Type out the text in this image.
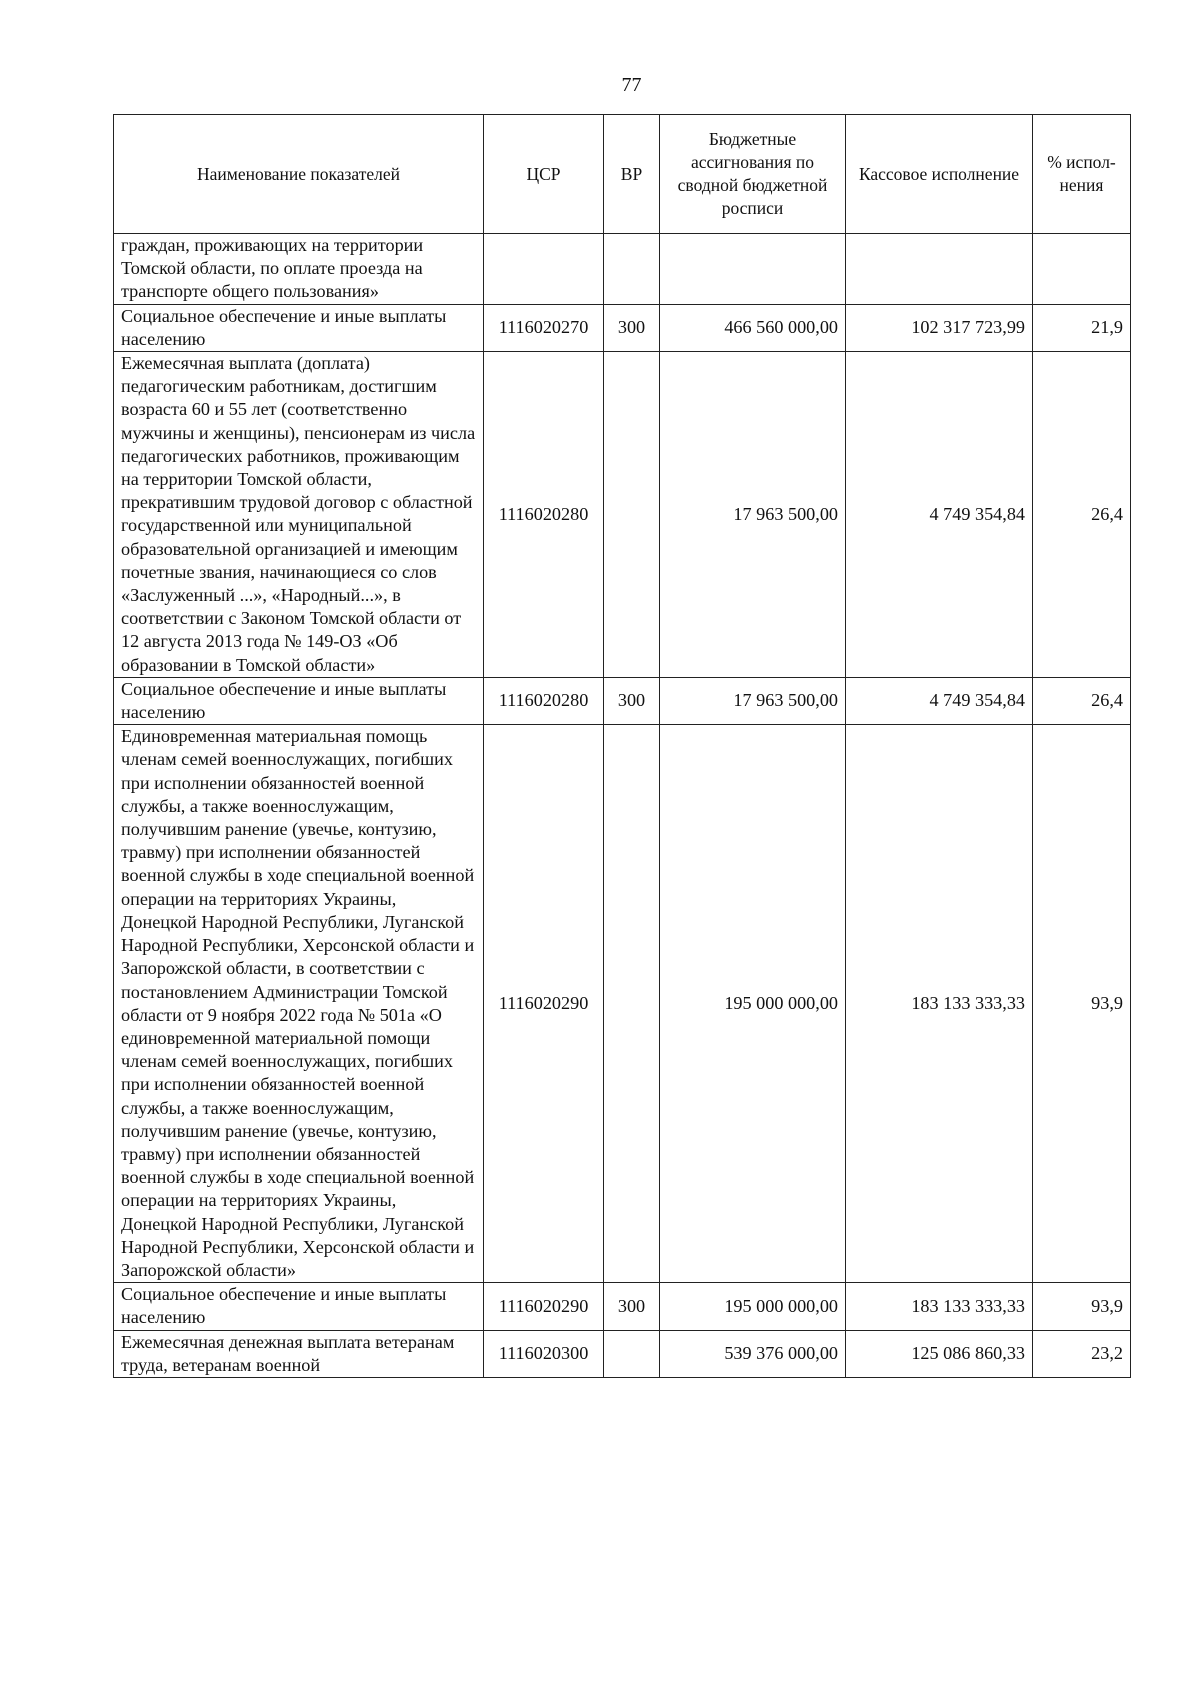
77
Наименование показателей	ЦСР	ВР	Бюджетные ассигнования по сводной бюджетной росписи	Кассовое исполнение	% испол-нения
граждан, проживающих на территории Томской области, по оплате проезда на транспорте общего пользования»					
Социальное обеспечение и иные выплаты населению	1116020270	300	466 560 000,00	102 317 723,99	21,9
Ежемесячная выплата (доплата) педагогическим работникам, достигшим возраста 60 и 55 лет (соответственно мужчины и женщины), пенсионерам из числа педагогических работников, проживающим на территории Томской области, прекратившим трудовой договор с областной государственной или муниципальной образовательной организацией и имеющим почетные звания, начинающиеся со слов «Заслуженный ...», «Народный...», в соответствии с Законом Томской области от 12 августа 2013 года № 149-ОЗ «Об образовании в Томской области»	1116020280		17 963 500,00	4 749 354,84	26,4
Социальное обеспечение и иные выплаты населению	1116020280	300	17 963 500,00	4 749 354,84	26,4
Единовременная материальная помощь членам семей военнослужащих, погибших при исполнении обязанностей военной службы, а также военнослужащим, получившим ранение (увечье, контузию, травму) при исполнении обязанностей военной службы в ходе специальной военной операции на территориях Украины, Донецкой Народной Республики, Луганской Народной Республики, Херсонской области и Запорожской области, в соответствии с постановлением Администрации Томской области от 9 ноября 2022 года № 501а «О единовременной материальной помощи членам семей военнослужащих, погибших при исполнении обязанностей военной службы, а также военнослужащим, получившим ранение (увечье, контузию, травму) при исполнении обязанностей военной службы в ходе специальной военной операции на территориях Украины, Донецкой Народной Республики, Луганской Народной Республики, Херсонской области и Запорожской области»	1116020290		195 000 000,00	183 133 333,33	93,9
Социальное обеспечение и иные выплаты населению	1116020290	300	195 000 000,00	183 133 333,33	93,9
Ежемесячная денежная выплата ветеранам труда, ветеранам военной	1116020300		539 376 000,00	125 086 860,33	23,2
